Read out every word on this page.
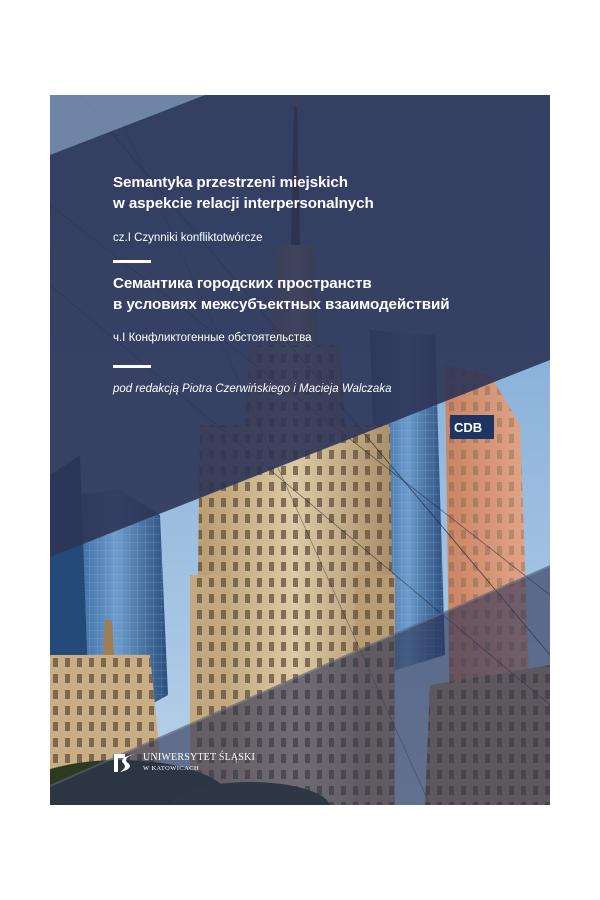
CDB
Semantyka przestrzeni miejskich
w aspekcie relacji interpersonalnych
cz.I Czynniki konfliktotwórcze
Семантика городских пространств
в условиях межсубъектных взаимодействий
ч.I Конфликтогенные обстоятельства
pod redakcją Piotra Czerwińskiego i Macieja Walczaka
UNIWERSYTET ŚLĄSKI
W KATOWICACH
